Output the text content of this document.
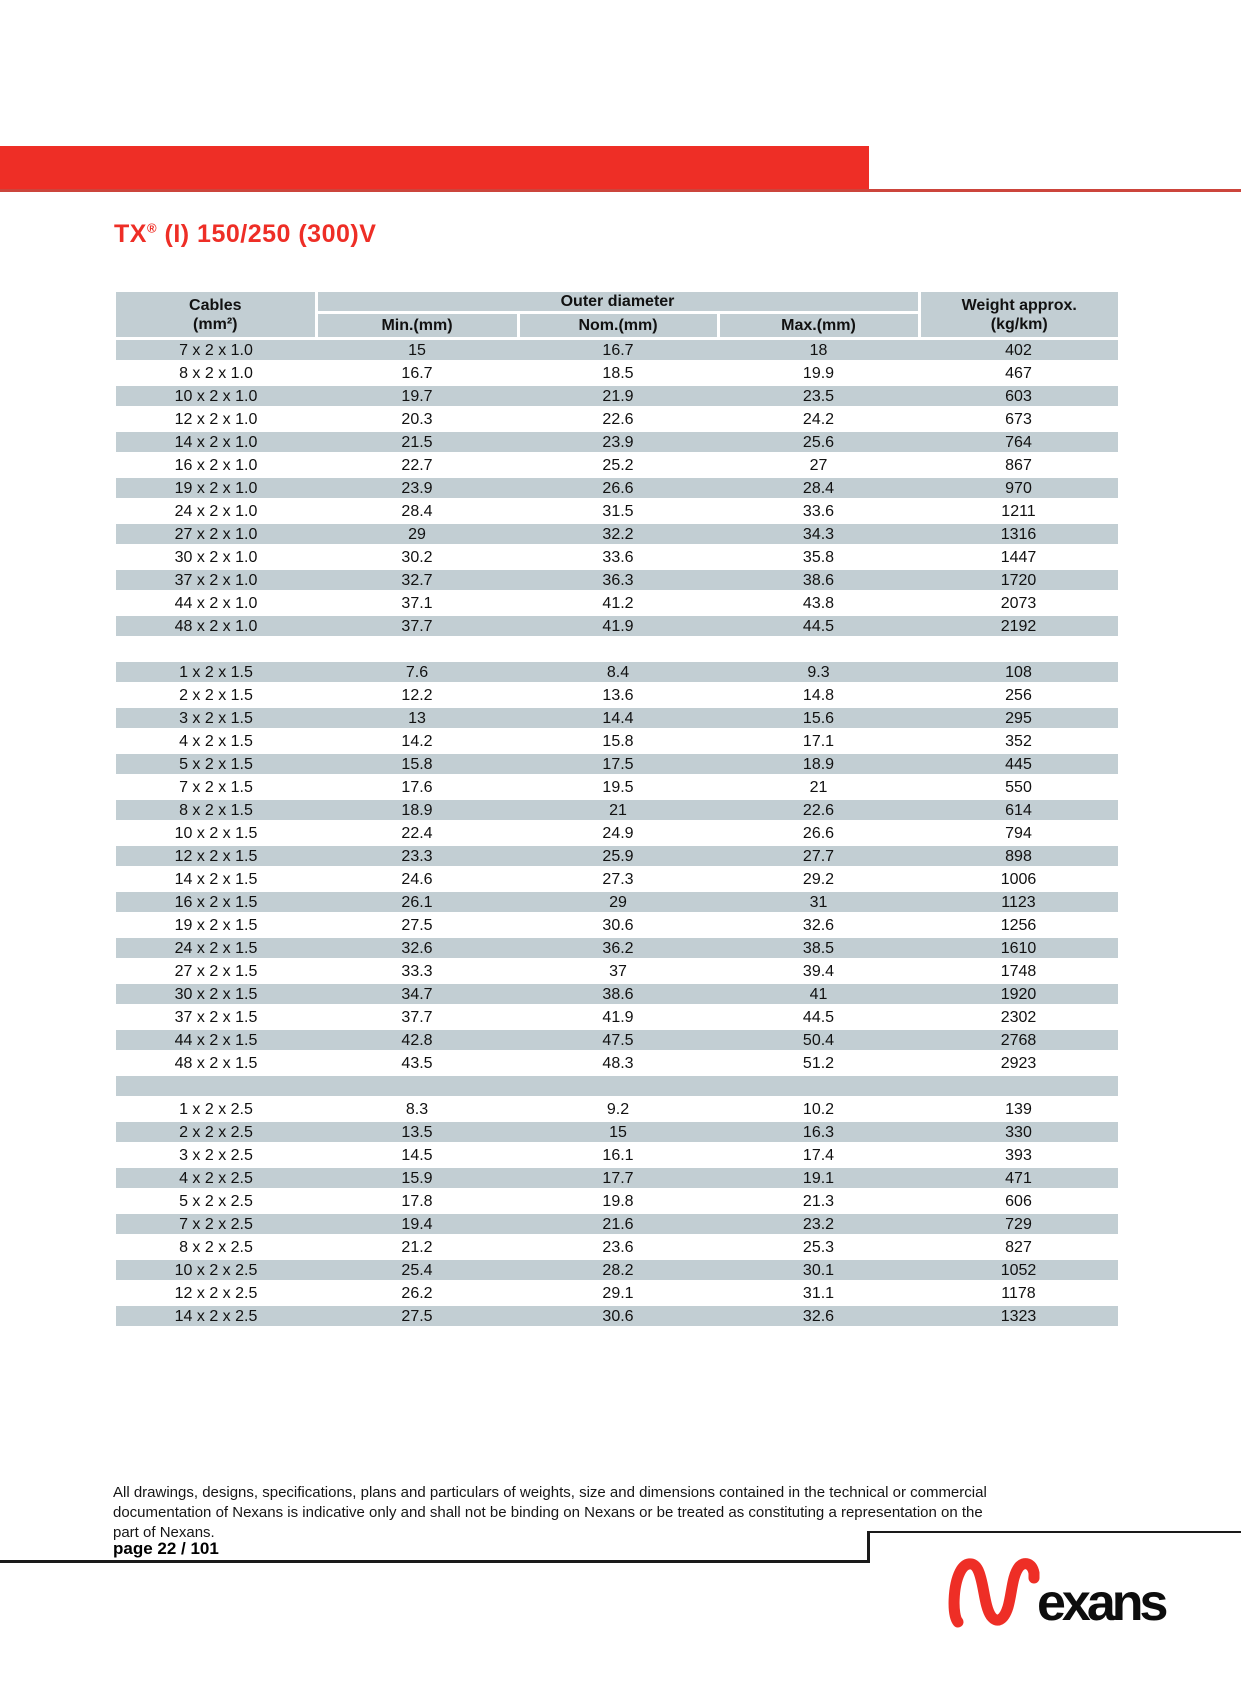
TX® (I) 150/250 (300)V
Cables
(mm²)	Outer diameter			Weight approx.
(kg/km)

	Min.(mm)	Nom.(mm)	Max.(mm)	
7 x 2 x 1.0	15	16.7	18	402
8 x 2 x 1.0	16.7	18.5	19.9	467
10 x 2 x 1.0	19.7	21.9	23.5	603
12 x 2 x 1.0	20.3	22.6	24.2	673
14 x 2 x 1.0	21.5	23.9	25.6	764
16 x 2 x 1.0	22.7	25.2	27	867
19 x 2 x 1.0	23.9	26.6	28.4	970
24 x 2 x 1.0	28.4	31.5	33.6	1211
27 x 2 x 1.0	29	32.2	34.3	1316
30 x 2 x 1.0	30.2	33.6	35.8	1447
37 x 2 x 1.0	32.7	36.3	38.6	1720
44 x 2 x 1.0	37.1	41.2	43.8	2073
48 x 2 x 1.0	37.7	41.9	44.5	2192

1 x 2 x 1.5	7.6	8.4	9.3	108
2 x 2 x 1.5	12.2	13.6	14.8	256
3 x 2 x 1.5	13	14.4	15.6	295
4 x 2 x 1.5	14.2	15.8	17.1	352
5 x 2 x 1.5	15.8	17.5	18.9	445
7 x 2 x 1.5	17.6	19.5	21	550
8 x 2 x 1.5	18.9	21	22.6	614
10 x 2 x 1.5	22.4	24.9	26.6	794
12 x 2 x 1.5	23.3	25.9	27.7	898
14 x 2 x 1.5	24.6	27.3	29.2	1006
16 x 2 x 1.5	26.1	29	31	1123
19 x 2 x 1.5	27.5	30.6	32.6	1256
24 x 2 x 1.5	32.6	36.2	38.5	1610
27 x 2 x 1.5	33.3	37	39.4	1748
30 x 2 x 1.5	34.7	38.6	41	1920
37 x 2 x 1.5	37.7	41.9	44.5	2302
44 x 2 x 1.5	42.8	47.5	50.4	2768
48 x 2 x 1.5	43.5	48.3	51.2	2923

1 x 2 x 2.5	8.3	9.2	10.2	139
2 x 2 x 2.5	13.5	15	16.3	330
3 x 2 x 2.5	14.5	16.1	17.4	393
4 x 2 x 2.5	15.9	17.7	19.1	471
5 x 2 x 2.5	17.8	19.8	21.3	606
7 x 2 x 2.5	19.4	21.6	23.2	729
8 x 2 x 2.5	21.2	23.6	25.3	827
10 x 2 x 2.5	25.4	28.2	30.1	1052
12 x 2 x 2.5	26.2	29.1	31.1	1178
14 x 2 x 2.5	27.5	30.6	32.6	1323
All drawings, designs, specifications, plans and particulars of weights, size and dimensions contained in the technical or commercial
documentation of Nexans is indicative only and shall not be binding on Nexans or be treated as constituting a representation on the
part of Nexans.
page 22 / 101
exans
